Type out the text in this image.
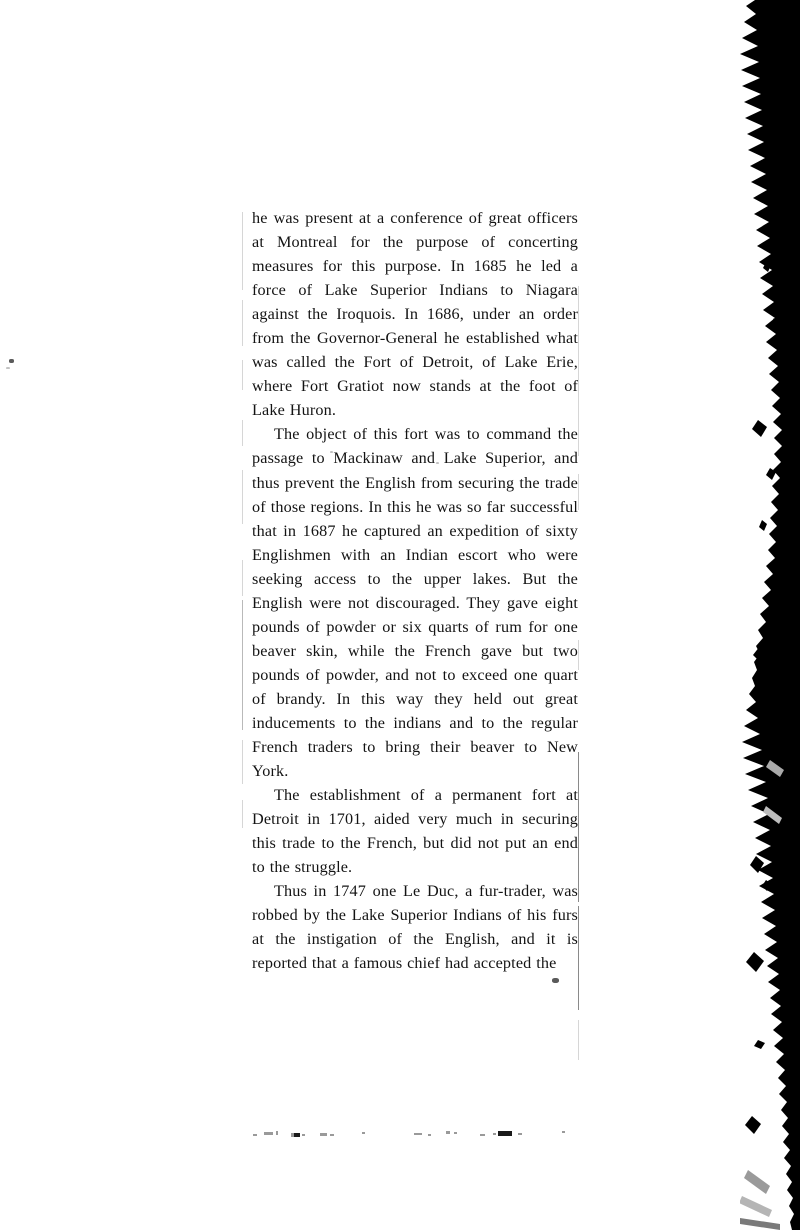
he was present at a conference of great officers at Montreal for the purpose of concerting measures for this purpose. In 1685 he led a force of Lake Superior Indians to Niagara against the Iroquois. In 1686, under an order from the Governor-General he established what was called the Fort of Detroit, of Lake Erie, where Fort Gratiot now stands at the foot of Lake Huron.

The object of this fort was to command the passage to Mackinaw and Lake Superior, and thus prevent the English from securing the trade of those regions. In this he was so far successful that in 1687 he captured an expedition of sixty Englishmen with an Indian escort who were seeking access to the upper lakes. But the English were not discouraged. They gave eight pounds of powder or six quarts of rum for one beaver skin, while the French gave but two pounds of powder, and not to exceed one quart of brandy. In this way they held out great inducements to the indians and to the regular French traders to bring their beaver to New York.

The establishment of a permanent fort at Detroit in 1701, aided very much in securing this trade to the French, but did not put an end to the struggle.

Thus in 1747 one Le Duc, a fur-trader, was robbed by the Lake Superior Indians of his furs at the instigation of the English, and it is reported that a famous chief had accepted the
